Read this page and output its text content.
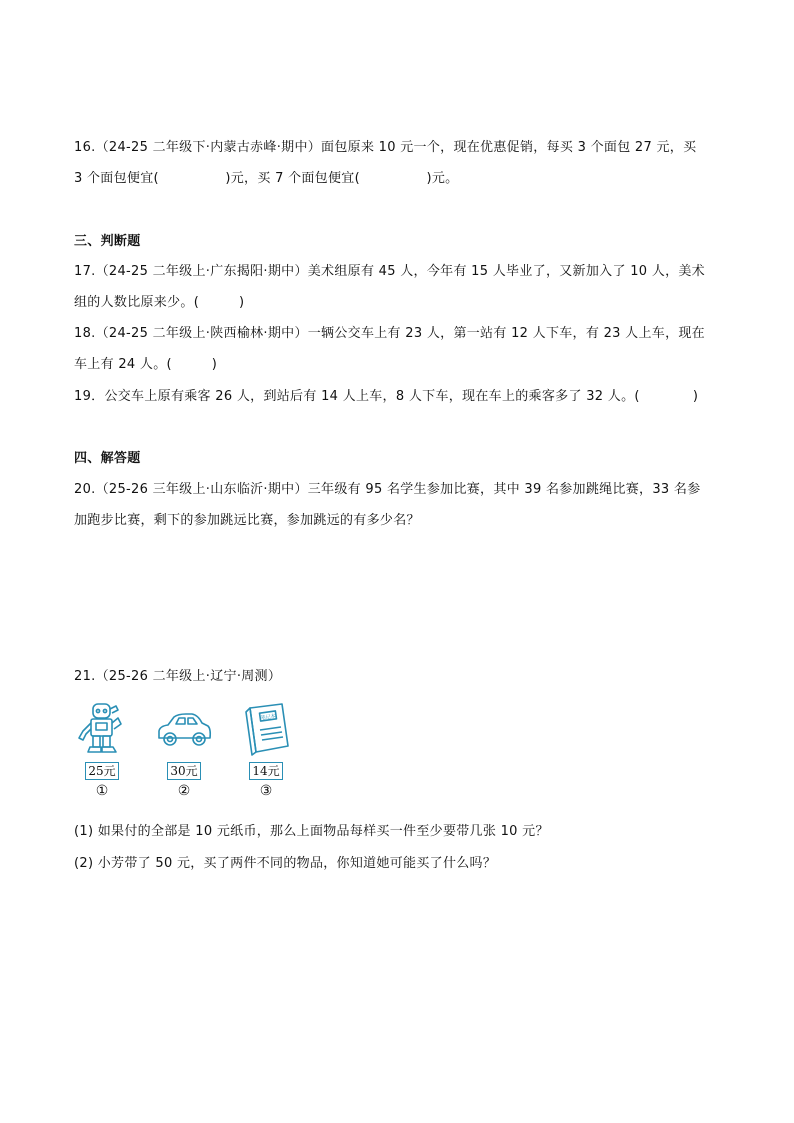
16.（24-25 二年级下·内蒙古赤峰·期中）面包原来 10 元一个，现在优惠促销，每买 3 个面包 27 元，买
3 个面包便宜(　　　　　)元，买 7 个面包便宜(　　　　　)元。
三、判断题
17.（24-25 二年级上·广东揭阳·期中）美术组原有 45 人，今年有 15 人毕业了，又新加入了 10 人，美术
组的人数比原来少。(　　　)
18.（24-25 二年级上·陕西榆林·期中）一辆公交车上有 23 人，第一站有 12 人下车，有 23 人上车，现在
车上有 24 人。(　　　)
19．公交车上原有乘客 26 人，到站后有 14 人上车，8 人下车，现在车上的乘客多了 32 人。(　　　　)
四、解答题
20.（25-26 三年级上·山东临沂·期中）三年级有 95 名学生参加比赛，其中 39 名参加跳绳比赛，33 名参
加跑步比赛，剩下的参加跳远比赛，参加跳远的有多少名？
21.（25-26 二年级上·辽宁·周测）
25元
①
30元
②
笔记本
14元
③
(1) 如果付的全部是 10 元纸币，那么上面物品每样买一件至少要带几张 10 元？
(2) 小芳带了 50 元，买了两件不同的物品，你知道她可能买了什么吗？
